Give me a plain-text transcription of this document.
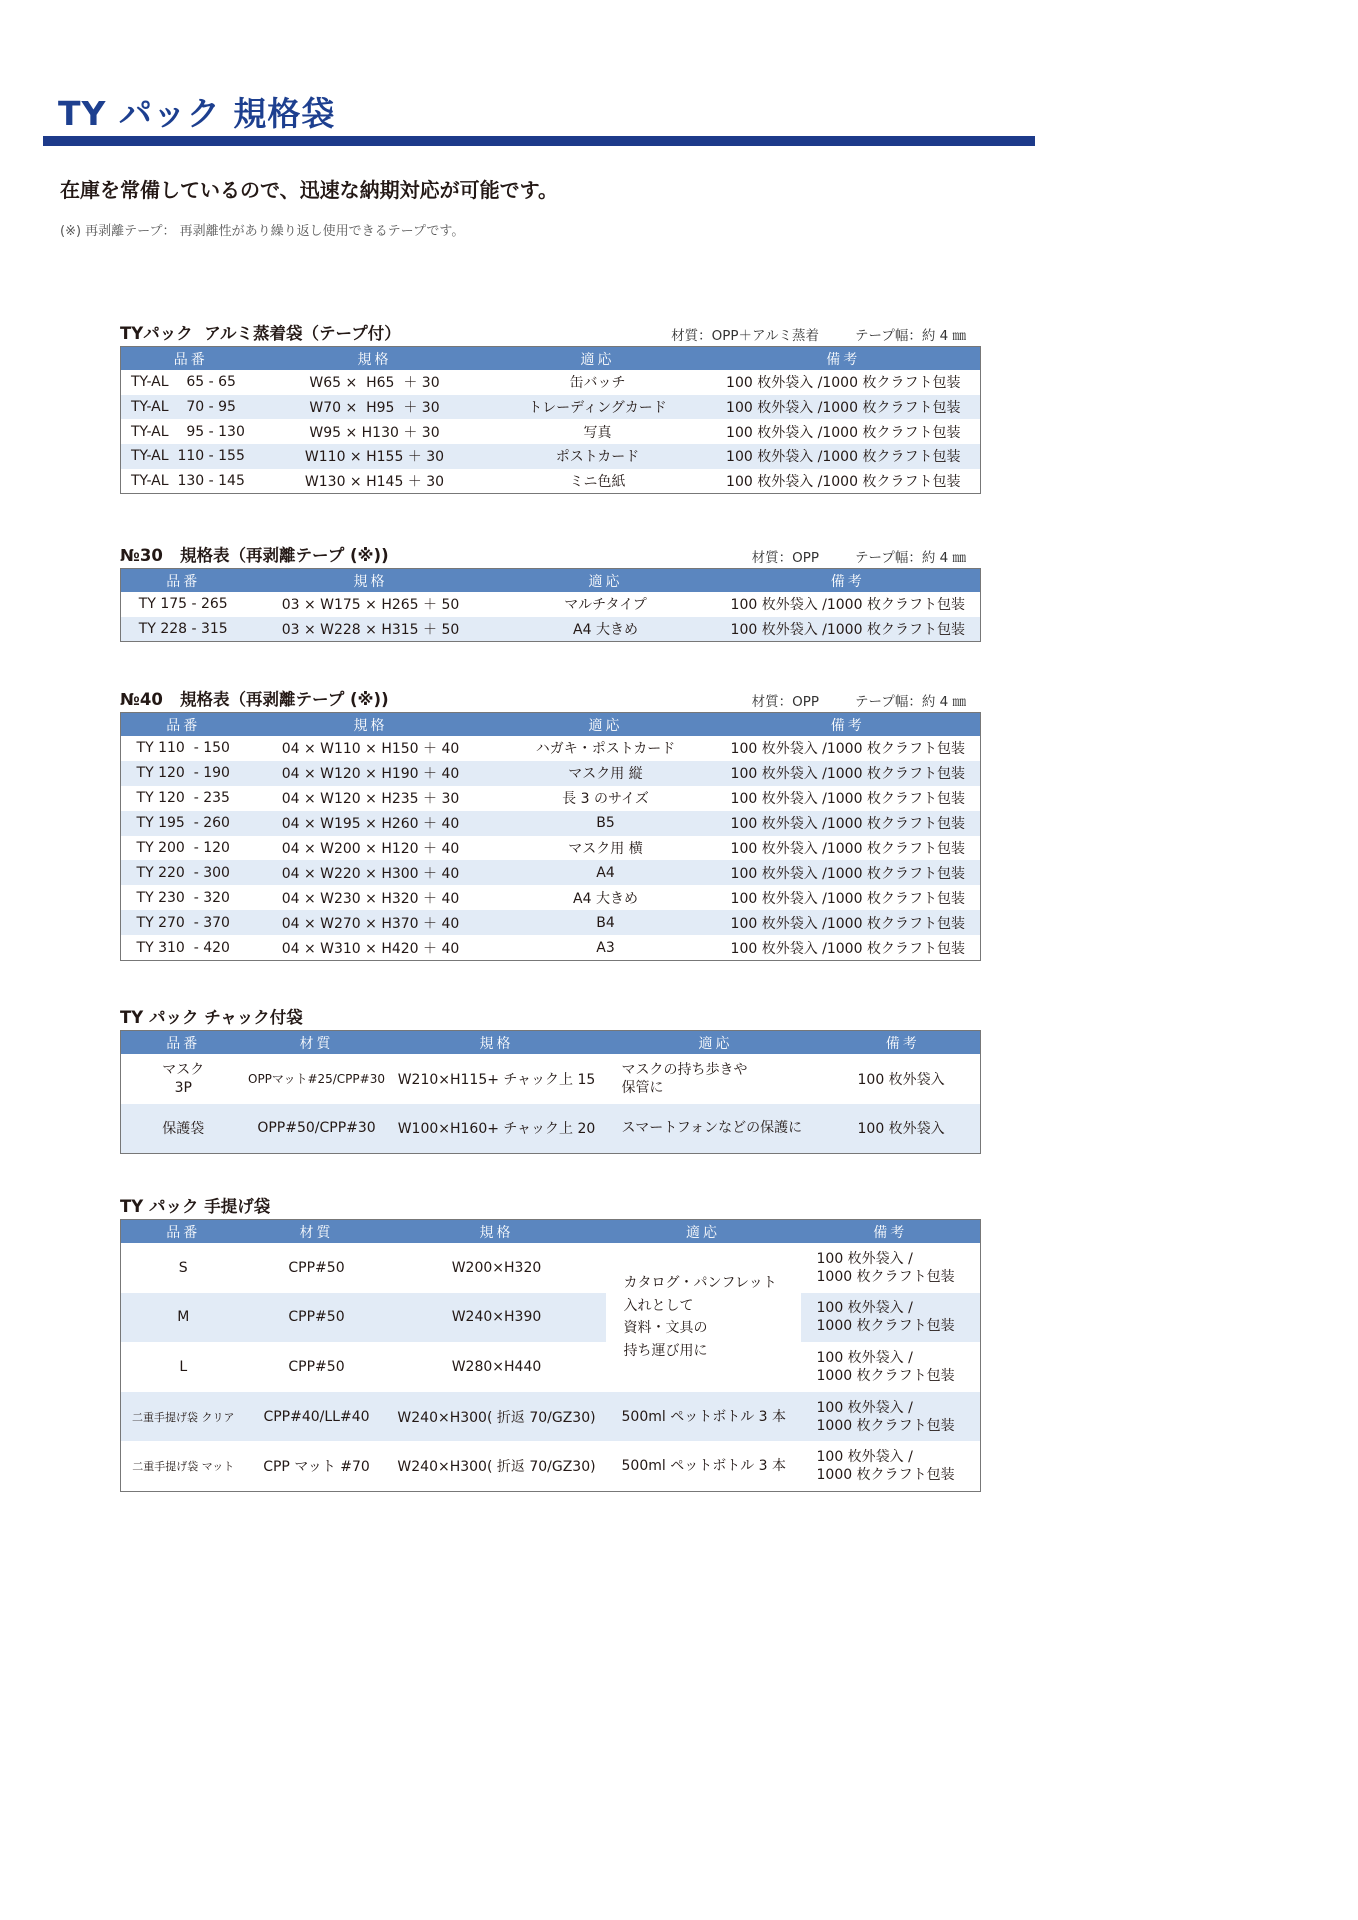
TY パック 規格袋

在庫を常備しているので、迅速な納期対応が可能です。

(※) 再剥離テープ： 再剥離性があり繰り返し使用できるテープです。

TYパック  アルミ蒸着袋（テープ付）	材質：OPP＋アルミ蒸着	テープ幅：約 4 ㎜
品番	規格	適応	備考
TY-AL    65 - 65	W65 ×  H65  ＋ 30	缶バッチ	100 枚外袋入 /1000 枚クラフト包装
TY-AL    70 - 95	W70 ×  H95  ＋ 30	トレーディングカード	100 枚外袋入 /1000 枚クラフト包装
TY-AL    95 - 130	W95 × H130 ＋ 30	写真	100 枚外袋入 /1000 枚クラフト包装
TY-AL  110 - 155	W110 × H155 ＋ 30	ポストカード	100 枚外袋入 /1000 枚クラフト包装
TY-AL  130 - 145	W130 × H145 ＋ 30	ミニ色紙	100 枚外袋入 /1000 枚クラフト包装
№30   規格表（再剥離テープ (※))	材質：OPP	テープ幅：約 4 ㎜
品番	規格	適応	備考
TY 175 - 265	03 × W175 × H265 ＋ 50	マルチタイプ	100 枚外袋入 /1000 枚クラフト包装
TY 228 - 315	03 × W228 × H315 ＋ 50	A4 大きめ	100 枚外袋入 /1000 枚クラフト包装
№40   規格表（再剥離テープ (※))	材質：OPP	テープ幅：約 4 ㎜
品番	規格	適応	備考
TY 110  - 150	04 × W110 × H150 ＋ 40	ハガキ・ポストカード	100 枚外袋入 /1000 枚クラフト包装
TY 120  - 190	04 × W120 × H190 ＋ 40	マスク用 縦	100 枚外袋入 /1000 枚クラフト包装
TY 120  - 235	04 × W120 × H235 ＋ 30	長 3 のサイズ	100 枚外袋入 /1000 枚クラフト包装
TY 195  - 260	04 × W195 × H260 ＋ 40	B5	100 枚外袋入 /1000 枚クラフト包装
TY 200  - 120	04 × W200 × H120 ＋ 40	マスク用 横	100 枚外袋入 /1000 枚クラフト包装
TY 220  - 300	04 × W220 × H300 ＋ 40	A4	100 枚外袋入 /1000 枚クラフト包装
TY 230  - 320	04 × W230 × H320 ＋ 40	A4 大きめ	100 枚外袋入 /1000 枚クラフト包装
TY 270  - 370	04 × W270 × H370 ＋ 40	B4	100 枚外袋入 /1000 枚クラフト包装
TY 310  - 420	04 × W310 × H420 ＋ 40	A3	100 枚外袋入 /1000 枚クラフト包装
TY パック チャック付袋
品番	材質	規格	適応	備考
マスク
3P	OPPマット#25/CPP#30	W210×H115+ チャック上 15	マスクの持ち歩きや
保管に	100 枚外袋入
保護袋	OPP#50/CPP#30	W100×H160+ チャック上 20	スマートフォンなどの保護に	100 枚外袋入
TY パック 手提げ袋
品番	材質	規格	適応	備考
S	CPP#50	W200×H320	カタログ・パンフレット
入れとして
資料・文具の
持ち運び用に	100 枚外袋入 /
1000 枚クラフト包装
M	CPP#50	W240×H390		100 枚外袋入 /
1000 枚クラフト包装
L	CPP#50	W280×H440		100 枚外袋入 /
1000 枚クラフト包装
二重手提げ袋 クリア	CPP#40/LL#40	W240×H300( 折返 70/GZ30)	500ml ペットボトル 3 本	100 枚外袋入 /
1000 枚クラフト包装
二重手提げ袋 マット	CPP マット #70	W240×H300( 折返 70/GZ30)	500ml ペットボトル 3 本	100 枚外袋入 /
1000 枚クラフト包装
